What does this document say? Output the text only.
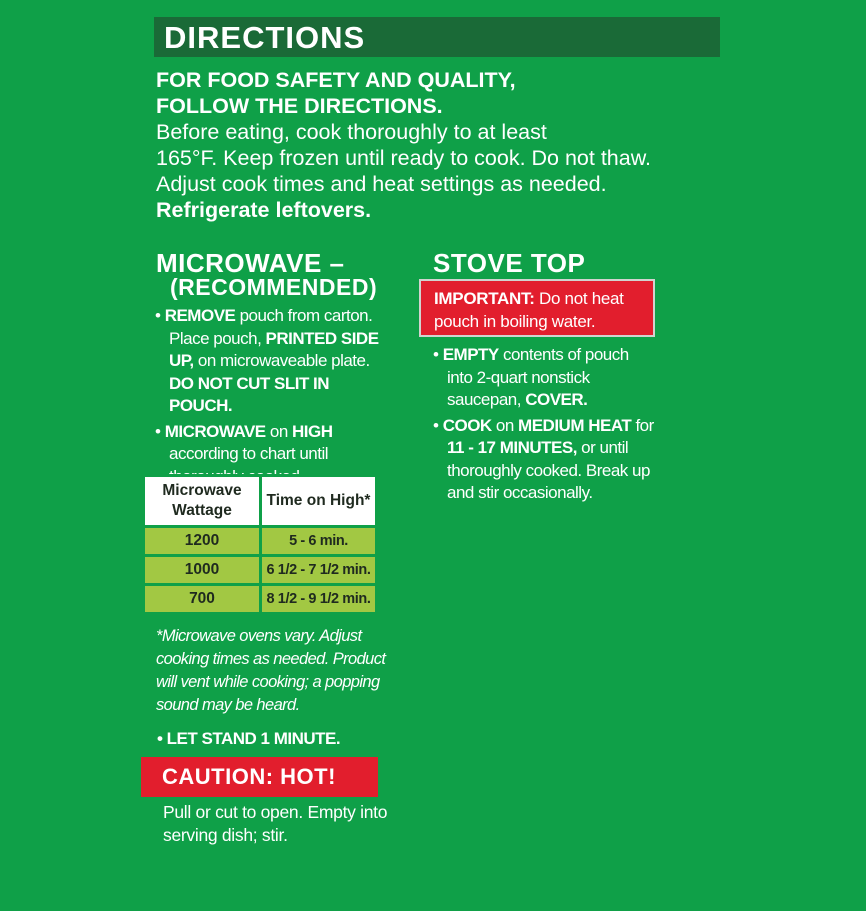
DIRECTIONS
FOR FOOD SAFETY AND QUALITY,
FOLLOW THE DIRECTIONS.
Before eating, cook thoroughly to at least
165°F. Keep frozen until ready to cook. Do not thaw.
Adjust cook times and heat settings as needed.
Refrigerate leftovers.
MICROWAVE –
(RECOMMENDED)
• REMOVE pouch from carton. Place pouch, PRINTED SIDE UP, on microwaveable plate. DO NOT CUT SLIT IN POUCH.
• MICROWAVE on HIGH according to chart until
Microwave Wattage	Time on High*
1200	5 - 6 min.
1000	6 1/2 - 7 1/2 min.
700	8 1/2 - 9 1/2 min.
*Microwave ovens vary. Adjust cooking times as needed. Product will vent while cooking; a popping sound may be heard.
• LET STAND 1 MINUTE.
CAUTION: HOT!
Pull or cut to open. Empty into serving dish; stir.
STOVE TOP
IMPORTANT: Do not heat pouch in boiling water.
• EMPTY contents of pouch into 2-quart nonstick saucepan, COVER.
• COOK on MEDIUM HEAT for 11 - 17 MINUTES, or until thoroughly cooked. Break up and stir occasionally.
